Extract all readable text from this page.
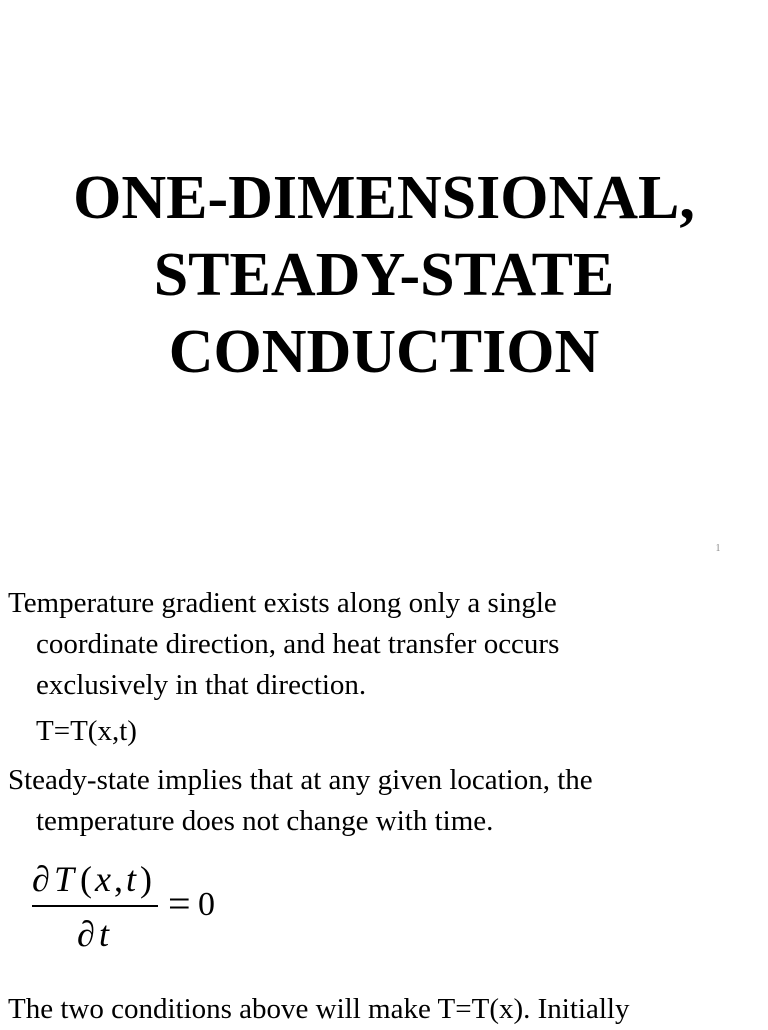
ONE-DIMENSIONAL,
STEADY-STATE
CONDUCTION
1
Temperature gradient exists along only a single
coordinate direction, and heat transfer occurs
exclusively in that direction.
T=T(x,t)
Steady-state implies that at any given location, the
temperature does not change with time.
∂ T ( x , t )
∂ t
= 0
The two conditions above will make T=T(x). Initially
